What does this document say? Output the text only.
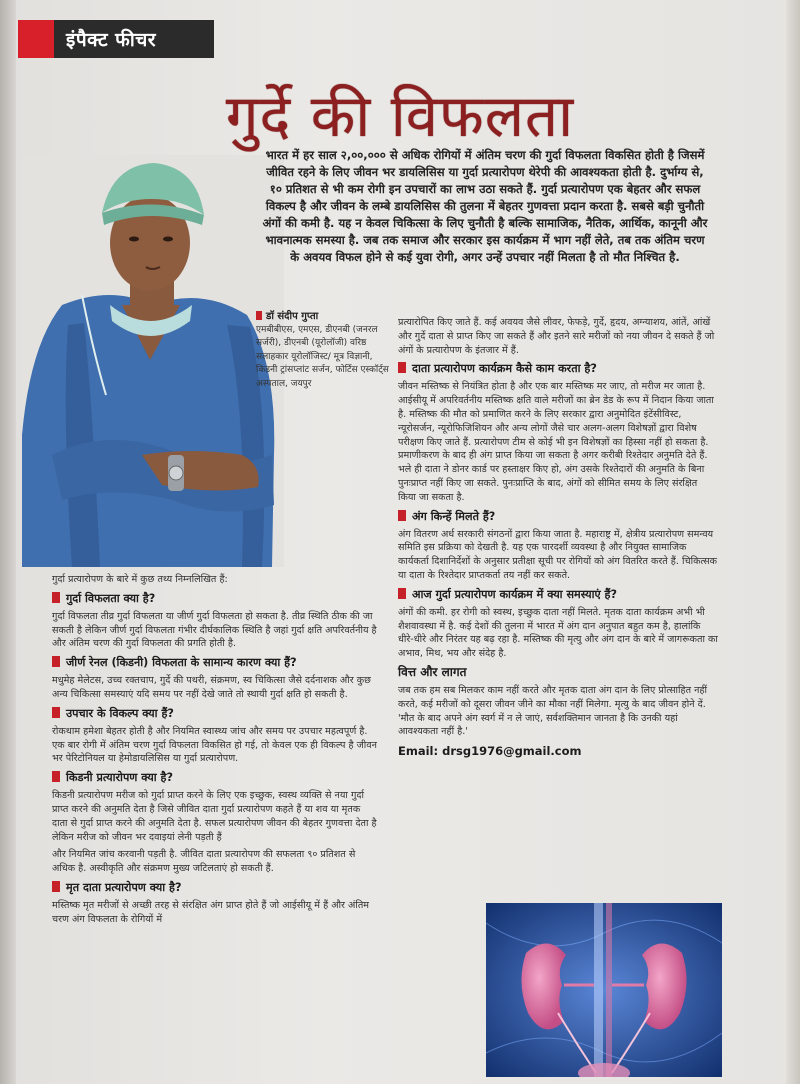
इंपैक्ट फीचर
गुर्दे की विफलता
भारत में हर साल २,००,००० से अधिक रोगियों में अंतिम चरण की गुर्दा विफलता विकसित होती है जिसमें जीवित रहने के लिए जीवन भर डायलिसिस या गुर्दा प्रत्यारोपण थेरेपी की आवश्यकता होती है. दुर्भाग्य से, १० प्रतिशत से भी कम रोगी इन उपचारों का लाभ उठा सकते हैं. गुर्दा प्रत्यारोपण एक बेहतर और सफल विकल्प है और जीवन के लम्बे डायलिसिस की तुलना में बेहतर गुणवत्ता प्रदान करता है. सबसे बड़ी चुनौती अंगों की कमी है. यह न केवल चिकित्सा के लिए चुनौती है बल्कि सामाजिक, नैतिक, आर्थिक, कानूनी और भावनात्मक समस्या है. जब तक समाज और सरकार इस कार्यक्रम में भाग नहीं लेते, तब तक अंतिम चरण के अवयव विफल होने से कई युवा रोगी, अगर उन्हें उपचार नहीं मिलता है तो मौत निश्चित है.
डॉ संदीप गुप्ता
एमबीबीएस, एमएस, डीएनबी (जनरल सर्जरी), डीएनबी (यूरोलॉजी) वरिष्ठ सलाहकार यूरोलॉजिस्ट/ मूत्र विज्ञानी, किडनी ट्रांसप्लांट सर्जन, फोर्टिस एस्कॉर्ट्स अस्पताल, जयपुर

गुर्दा प्रत्यारोपण के बारे में कुछ तथ्य निम्नलिखित हैं:

गुर्दा विफलता क्या है?

गुर्दा विफलता तीव्र गुर्दा विफलता या जीर्ण गुर्दा विफलता हो सकता है. तीव्र स्थिति ठीक की जा सकती है लेकिन जीर्ण गुर्दा विफलता गंभीर दीर्घकालिक स्थिति है जहां गुर्दा क्षति अपरिवर्तनीय है और अंतिम चरण की गुर्दा विफलता की प्रगति होती है.

जीर्ण रेनल (किडनी) विफलता के सामान्य कारण क्या हैं?

मधुमेह मेलेटस, उच्च रक्तचाप, गुर्दे की पथरी, संक्रमण, स्व चिकित्सा जैसे दर्दनाशक और कुछ अन्य चिकित्सा समस्याएं यदि समय पर नहीं देखे जाते तो स्थायी गुर्दा क्षति हो सकती है.

उपचार के विकल्प क्या हैं?

रोकथाम हमेशा बेहतर होती है और नियमित स्वास्थ्य जांच और समय पर उपचार महत्वपूर्ण है. एक बार रोगी में अंतिम चरण गुर्दा विफलता विकसित हो गई, तो केवल एक ही विकल्प है जीवन भर पेरिटोनियल या हेमोडायलिसिस या गुर्दा प्रत्यारोपण.

किडनी प्रत्यारोपण क्या है?

किडनी प्रत्यारोपण मरीज को गुर्दा प्राप्त करने के लिए एक इच्छुक, स्वस्थ व्यक्ति से नया गुर्दा प्राप्त करने की अनुमति देता है जिसे जीवित दाता गुर्दा प्रत्यारोपण कहते हैं या शव या मृतक दाता से गुर्दा प्राप्त करने की अनुमति देता है. सफल प्रत्यारोपण जीवन की बेहतर गुणवत्ता देता है लेकिन मरीज को जीवन भर दवाइयां लेनी पड़ती हैं

और नियमित जांच करवानी पड़ती है. जीवित दाता प्रत्यारोपण की सफलता ९० प्रतिशत से अधिक है. अस्वीकृति और संक्रमण मुख्य जटिलताएं हो सकती हैं.

मृत दाता प्रत्यारोपण क्या है?

मस्तिष्क मृत मरीजों से अच्छी तरह से संरक्षित अंग प्राप्त होते हैं जो आईसीयू में हैं और अंतिम चरण अंग विफलता के रोगियों में

प्रत्यारोपित किए जाते हैं. कई अवयव जैसे लीवर, फेफड़े, गुर्दे, हृदय, अग्न्याशय, आंतें, आंखें और गुर्दे दाता से प्राप्त किए जा सकते हैं और इतने सारे मरीजों को नया जीवन दे सकते हैं जो अंगों के प्रत्यारोपण के इंतजार में हैं.

दाता प्रत्यारोपण कार्यक्रम कैसे काम करता है?

जीवन मस्तिष्क से नियंत्रित होता है और एक बार मस्तिष्क मर जाए, तो मरीज मर जाता है. आईसीयू में अपरिवर्तनीय मस्तिष्क क्षति वाले मरीजों का ब्रेन डेड के रूप में निदान किया जाता है. मस्तिष्क की मौत को प्रमाणित करने के लिए सरकार द्वारा अनुमोदित इंटेंसीविस्ट, न्यूरोसर्जन, न्यूरोफिजिशियन और अन्य लोगों जैसे चार अलग-अलग विशेषज्ञों द्वारा विशेष परीक्षण किए जाते हैं. प्रत्यारोपण टीम से कोई भी इन विशेषज्ञों का हिस्सा नहीं हो सकता है. प्रमाणीकरण के बाद ही अंग प्राप्त किया जा सकता है अगर करीबी रिश्तेदार अनुमति देते हैं. भले ही दाता ने डोनर कार्ड पर हस्ताक्षर किए हो, अंग उसके रिश्तेदारों की अनुमति के बिना पुनःप्राप्त नहीं किए जा सकते. पुनःप्राप्ति के बाद, अंगों को सीमित समय के लिए संरक्षित किया जा सकता है.

अंग किन्हें मिलते हैं?

अंग वितरण अर्ध सरकारी संगठनों द्वारा किया जाता है. महाराष्ट्र में, क्षेत्रीय प्रत्यारोपण समन्वय समिति इस प्रक्रिया को देखती है. यह एक पारदर्शी व्यवस्था है और नियुक्त सामाजिक कार्यकर्ता दिशानिर्देशों के अनुसार प्रतीक्षा सूची पर रोगियों को अंग वितरित करते हैं. चिकित्सक या दाता के रिश्तेदार प्राप्तकर्ता तय नहीं कर सकते.

आज गुर्दा प्रत्यारोपण कार्यक्रम में क्या समस्याएं हैं?

अंगों की कमी. हर रोगी को स्वस्थ, इच्छुक दाता नहीं मिलते. मृतक दाता कार्यक्रम अभी भी शैशवावस्था में है. कई देशों की तुलना में भारत में अंग दान अनुपात बहुत कम है, हालांकि धीरे-धीरे और निरंतर यह बढ़ रहा है. मस्तिष्क की मृत्यु और अंग दान के बारे में जागरूकता का अभाव, मिथ, भय और संदेह है.

वित्त और लागत

जब तक हम सब मिलकर काम नहीं करते और मृतक दाता अंग दान के लिए प्रोत्साहित नहीं करते, कई मरीजों को दूसरा जीवन जीने का मौका नहीं मिलेगा. मृत्यु के बाद जीवन होने दें. 'मौत के बाद अपने अंग स्वर्ग में न ले जाएं, सर्वशक्तिमान जानता है कि उनकी यहां आवश्यकता नहीं है.'

Email: drsg1976@gmail.com
